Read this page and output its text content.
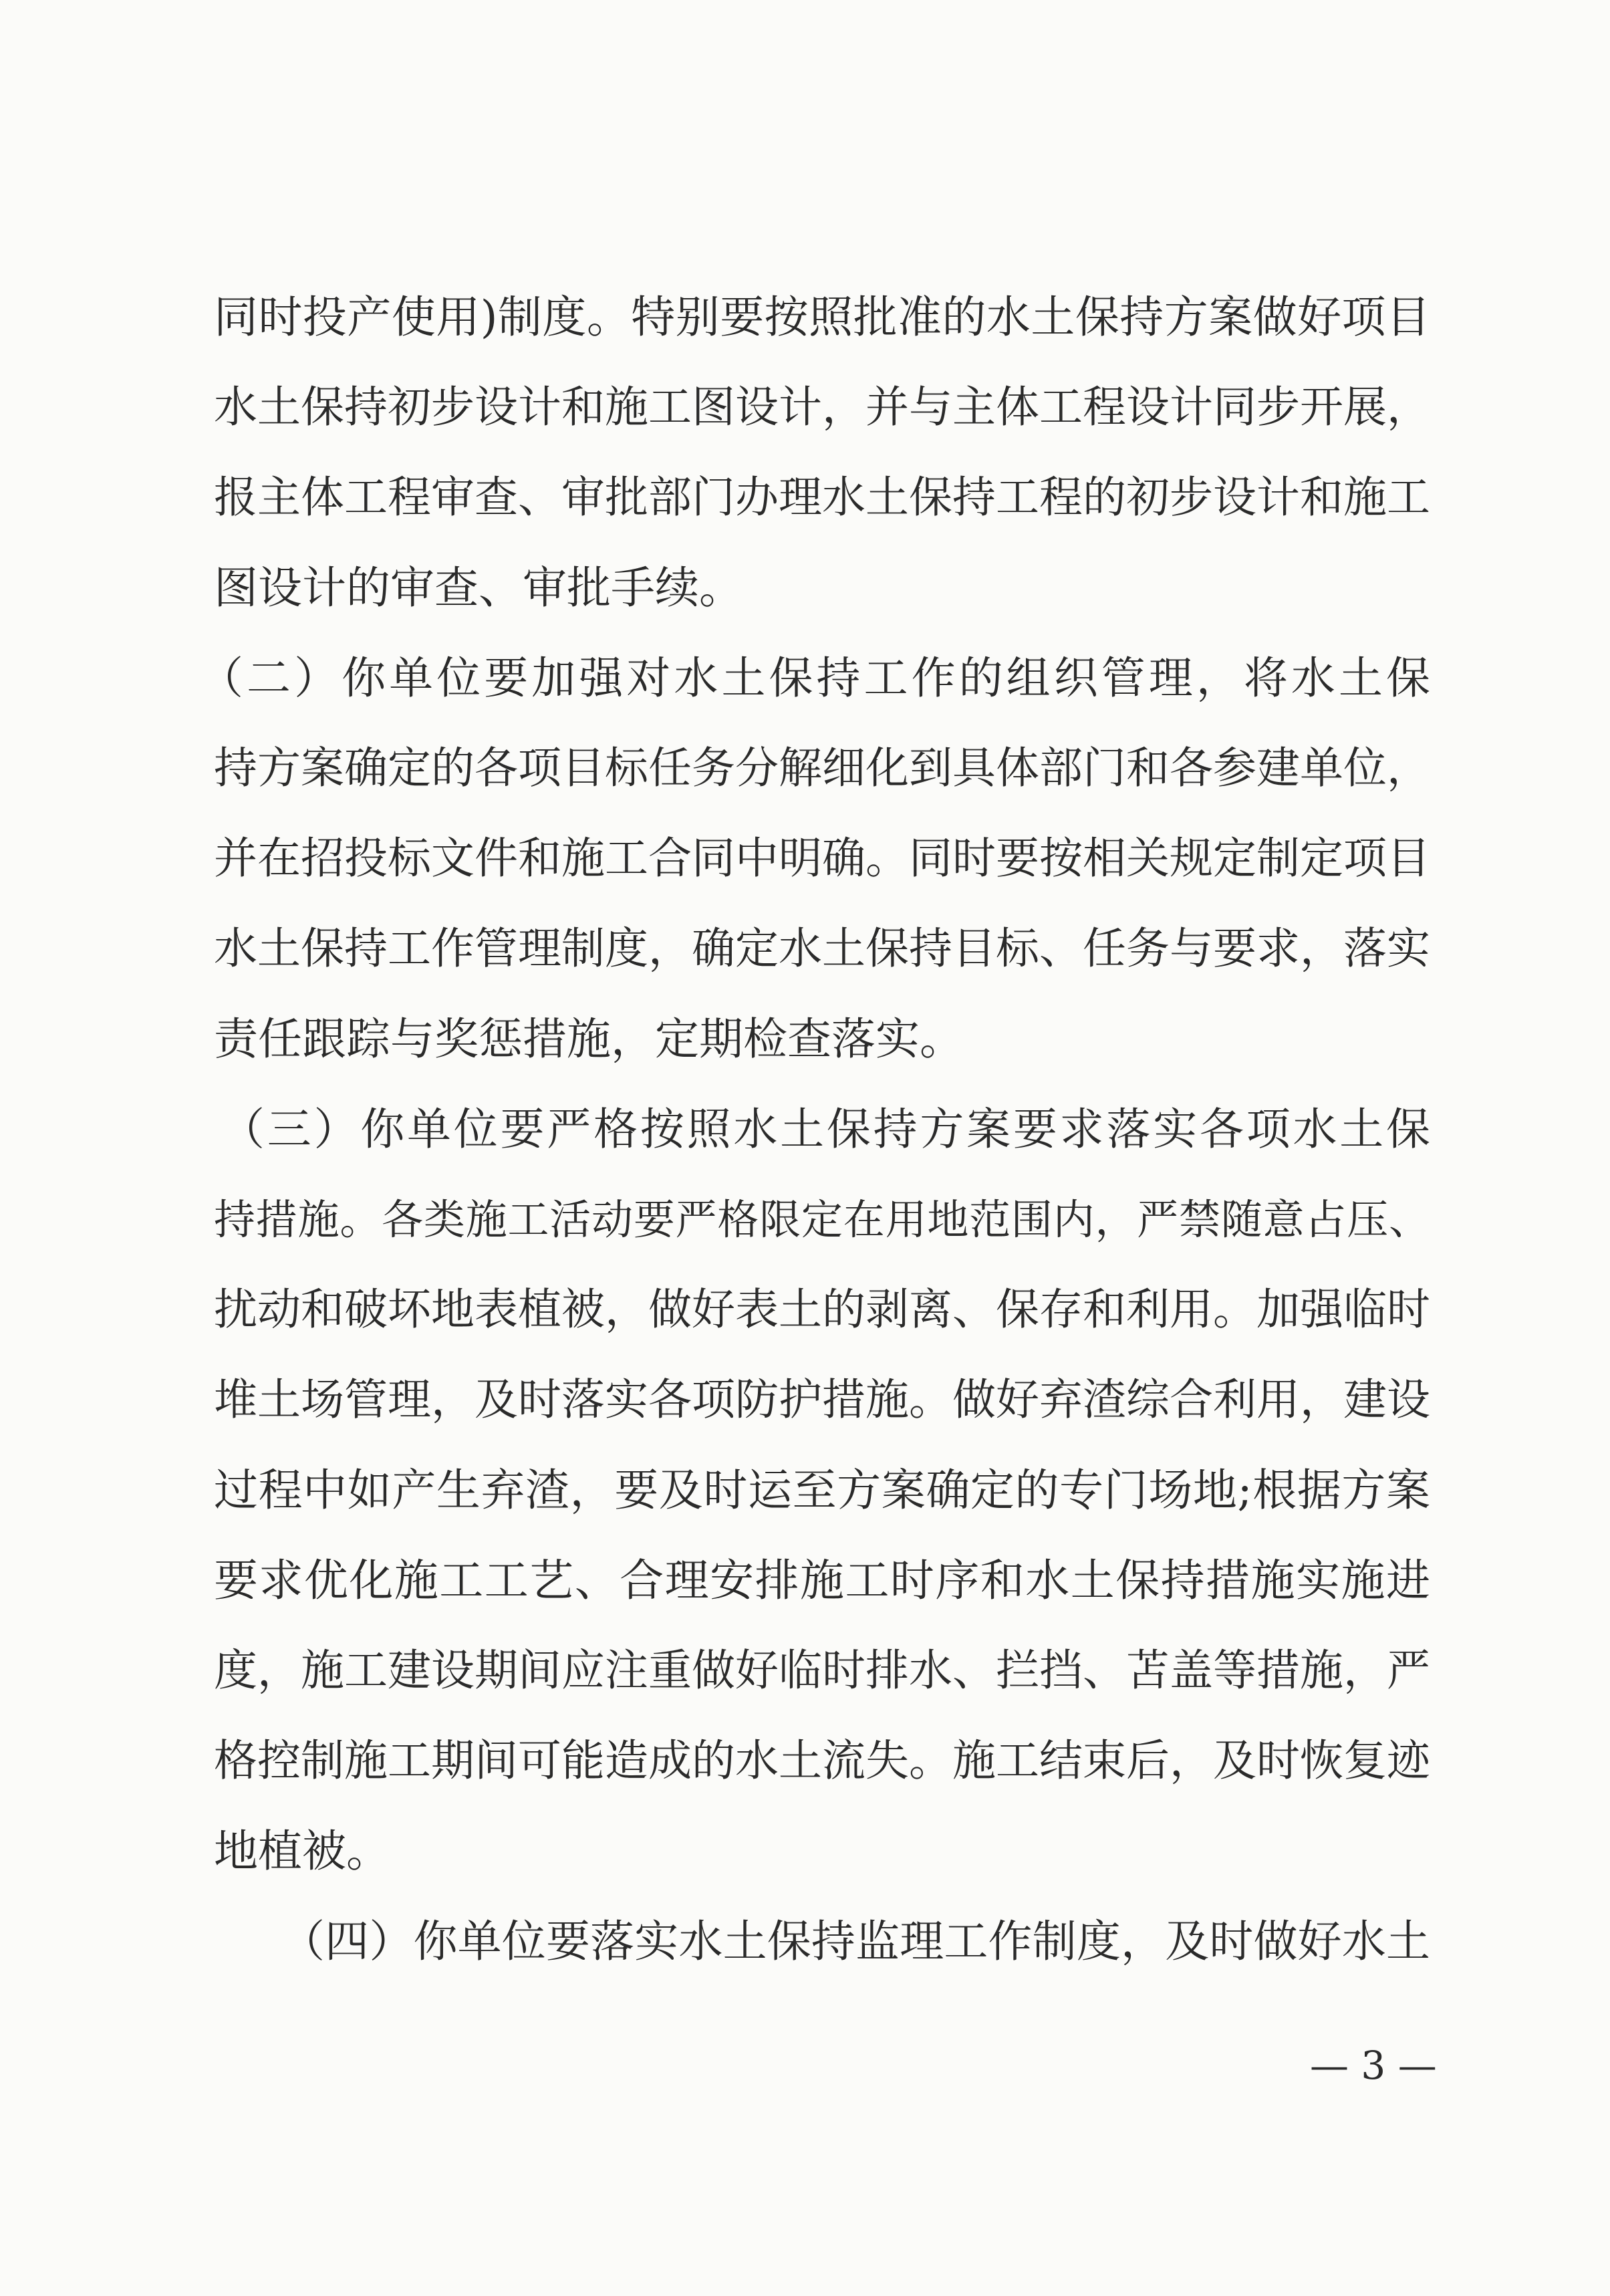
同时投产使用)制度。特别要按照批准的水土保持方案做好项目
水土保持初步设计和施工图设计，并与主体工程设计同步开展，
报主体工程审查、审批部门办理水土保持工程的初步设计和施工
图设计的审查、审批手续。
（二）你单位要加强对水土保持工作的组织管理，将水土保
持方案确定的各项目标任务分解细化到具体部门和各参建单位，
并在招投标文件和施工合同中明确。同时要按相关规定制定项目
水土保持工作管理制度，确定水土保持目标、任务与要求，落实
责任跟踪与奖惩措施，定期检查落实。
（三）你单位要严格按照水土保持方案要求落实各项水土保
持措施。各类施工活动要严格限定在用地范围内，严禁随意占压、
扰动和破坏地表植被，做好表土的剥离、保存和利用。加强临时
堆土场管理，及时落实各项防护措施。做好弃渣综合利用，建设
过程中如产生弃渣，要及时运至方案确定的专门场地;根据方案
要求优化施工工艺、合理安排施工时序和水土保持措施实施进
度，施工建设期间应注重做好临时排水、拦挡、苫盖等措施，严
格控制施工期间可能造成的水土流失。施工结束后，及时恢复迹
地植被。
（四）你单位要落实水土保持监理工作制度，及时做好水土
— 3 —
